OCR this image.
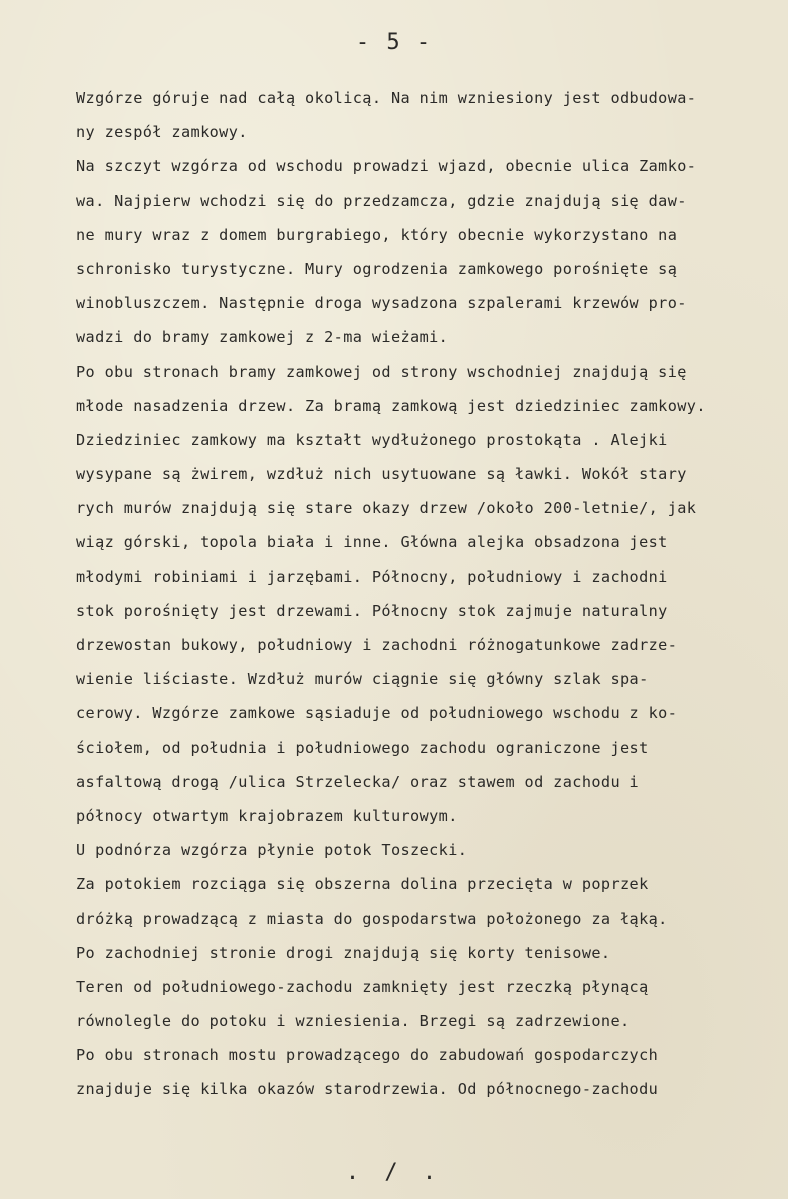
- 5 -
Wzgórze góruje nad całą okolicą. Na nim wzniesiony jest odbudowa-
ny zespół zamkowy.
Na szczyt wzgórza od wschodu prowadzi wjazd, obecnie ulica Zamko-
wa. Najpierw wchodzi się do przedzamcza, gdzie znajdują się daw-
ne mury wraz z domem burgrabiego, który obecnie wykorzystano na
schronisko turystyczne. Mury ogrodzenia zamkowego porośnięte są
winobluszczem. Następnie droga wysadzona szpalerami krzewów pro-
wadzi do bramy zamkowej z 2-ma wieżami.
Po obu stronach bramy zamkowej od strony wschodniej znajdują się
młode nasadzenia drzew. Za bramą zamkową jest dziedziniec zamkowy.
Dziedziniec zamkowy ma kształt wydłużonego prostokąta . Alejki
wysypane są żwirem, wzdłuż nich usytuowane są ławki. Wokół stary
rych murów znajdują się stare okazy drzew /około 200-letnie/, jak
wiąz górski, topola biała i inne. Główna alejka obsadzona jest
młodymi robiniami i jarzębami. Północny, południowy i zachodni
stok porośnięty jest drzewami. Północny stok zajmuje naturalny
drzewostan bukowy, południowy i zachodni różnogatunkowe zadrze-
wienie liściaste. Wzdłuż murów ciągnie się główny szlak spa-
cerowy. Wzgórze zamkowe sąsiaduje od południowego wschodu z ko-
ściołem, od południa i południowego zachodu ograniczone jest
asfaltową drogą /ulica Strzelecka/ oraz stawem od zachodu i
północy otwartym krajobrazem kulturowym.
U podnórza wzgórza płynie potok Toszecki.
Za potokiem rozciąga się obszerna dolina przecięta w poprzek
dróżką prowadzącą z miasta do gospodarstwa położonego za łąką.
Po zachodniej stronie drogi znajdują się korty tenisowe.
Teren od południowego-zachodu zamknięty jest rzeczką płynącą
równolegle do potoku i wzniesienia. Brzegi są zadrzewione.
Po obu stronach mostu prowadzącego do zabudowań gospodarczych
znajduje się kilka okazów starodrzewia. Od północnego-zachodu
. / .
